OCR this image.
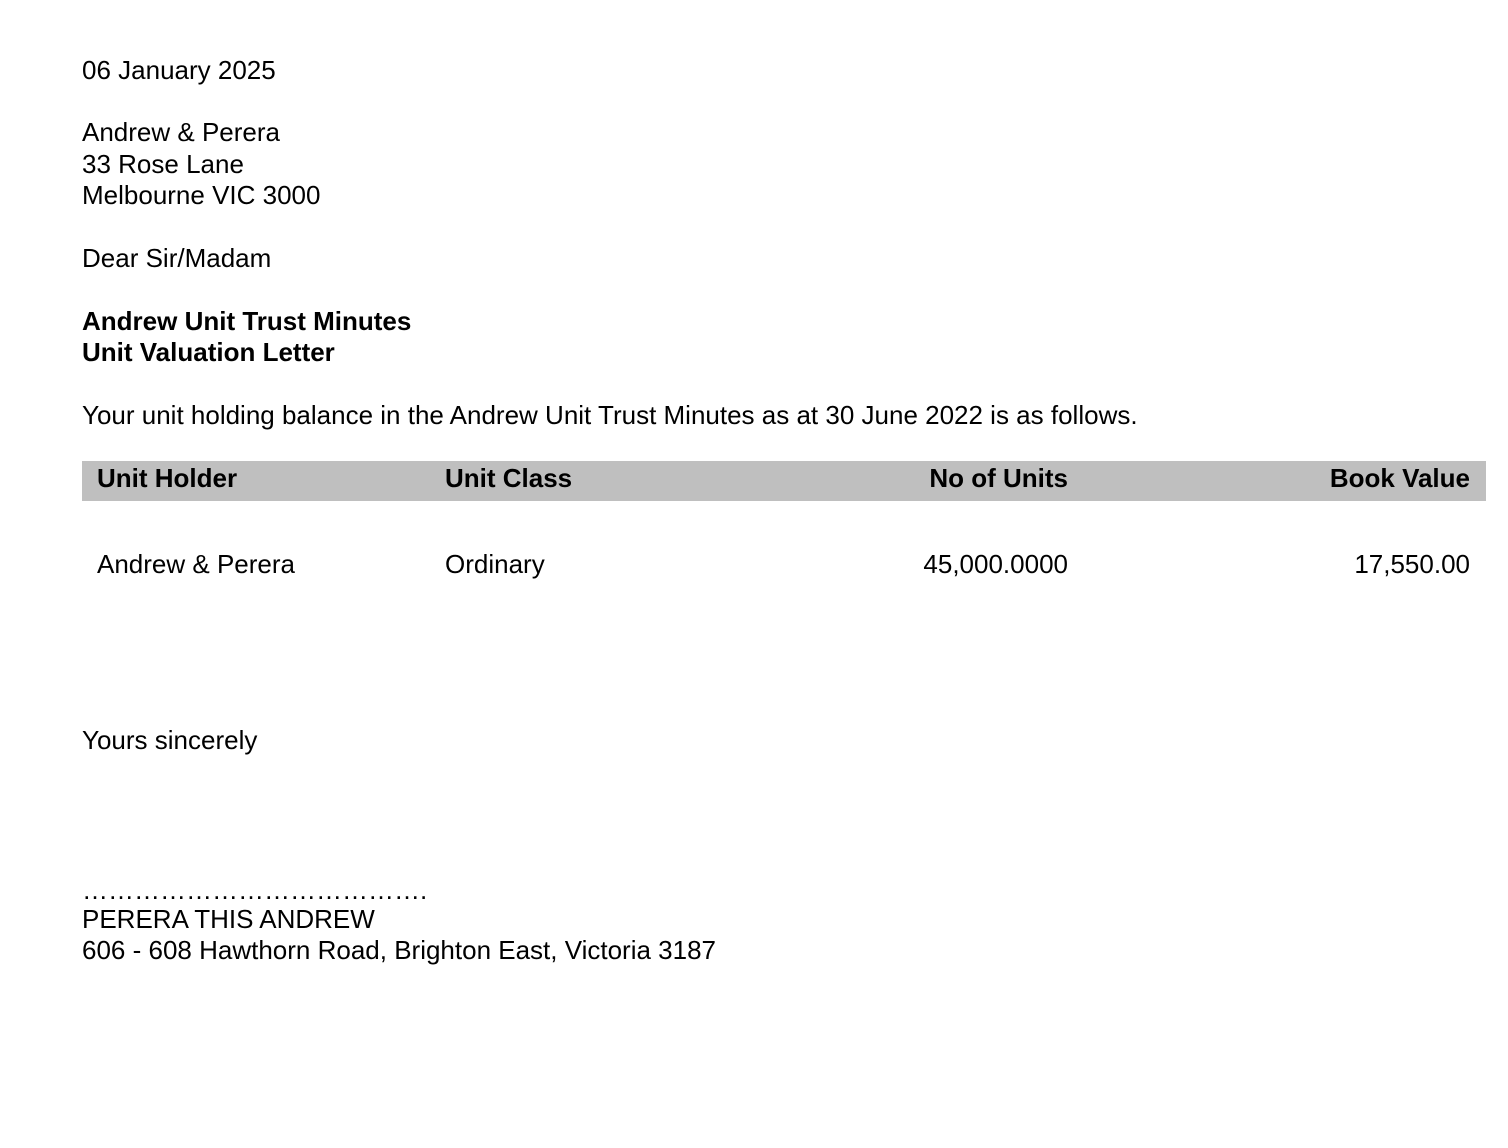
06 January 2025
Andrew & Perera
33 Rose Lane
Melbourne VIC 3000
Dear Sir/Madam
Andrew Unit Trust Minutes
Unit Valuation Letter
Your unit holding balance in the Andrew Unit Trust Minutes as at 30 June 2022 is as follows.
Unit Holder	Unit Class	No of Units	Book Value
Andrew & Perera	Ordinary	45,000.0000	17,550.00
Yours sincerely
………………………………….
PERERA THIS ANDREW
606 - 608 Hawthorn Road, Brighton East, Victoria 3187
